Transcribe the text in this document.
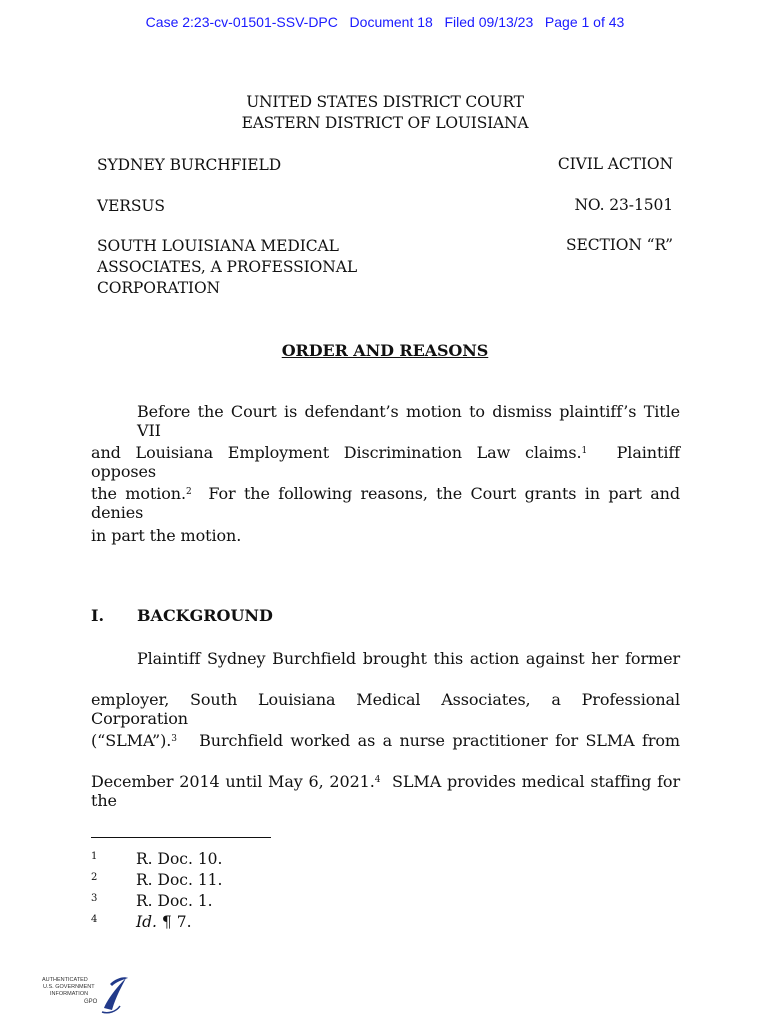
Case 2:23-cv-01501-SSV-DPC Document 18 Filed 09/13/23 Page 1 of 43
UNITED STATES DISTRICT COURT
EASTERN DISTRICT OF LOUISIANA
SYDNEY BURCHFIELD
VERSUS
SOUTH LOUISIANA MEDICAL
ASSOCIATES, A PROFESSIONAL
CORPORATION
CIVIL ACTION
NO. 23-1501
SECTION “R”
ORDER AND REASONS
Before the Court is defendant’s motion to dismiss plaintiff’s Title VII
and Louisiana Employment Discrimination Law claims.$^1$ Plaintiff opposes
the motion.$^2$ For the following reasons, the Court grants in part and denies
in part the motion.
I. BACKGROUND
Plaintiff Sydney Burchfield brought this action against her former
employer, South Louisiana Medical Associates, a Professional Corporation
(“SLMA”).$^3$ Burchfield worked as a nurse practitioner for SLMA from
December 2014 until May 6, 2021.$^4$ SLMA provides medical staffing for the
1 R. Doc. 10.
2 R. Doc. 11.
3 R. Doc. 1.
4 Id. ¶ 7.
AUTHENTICATED
U.S. GOVERNMENT
INFORMATION
GPO
